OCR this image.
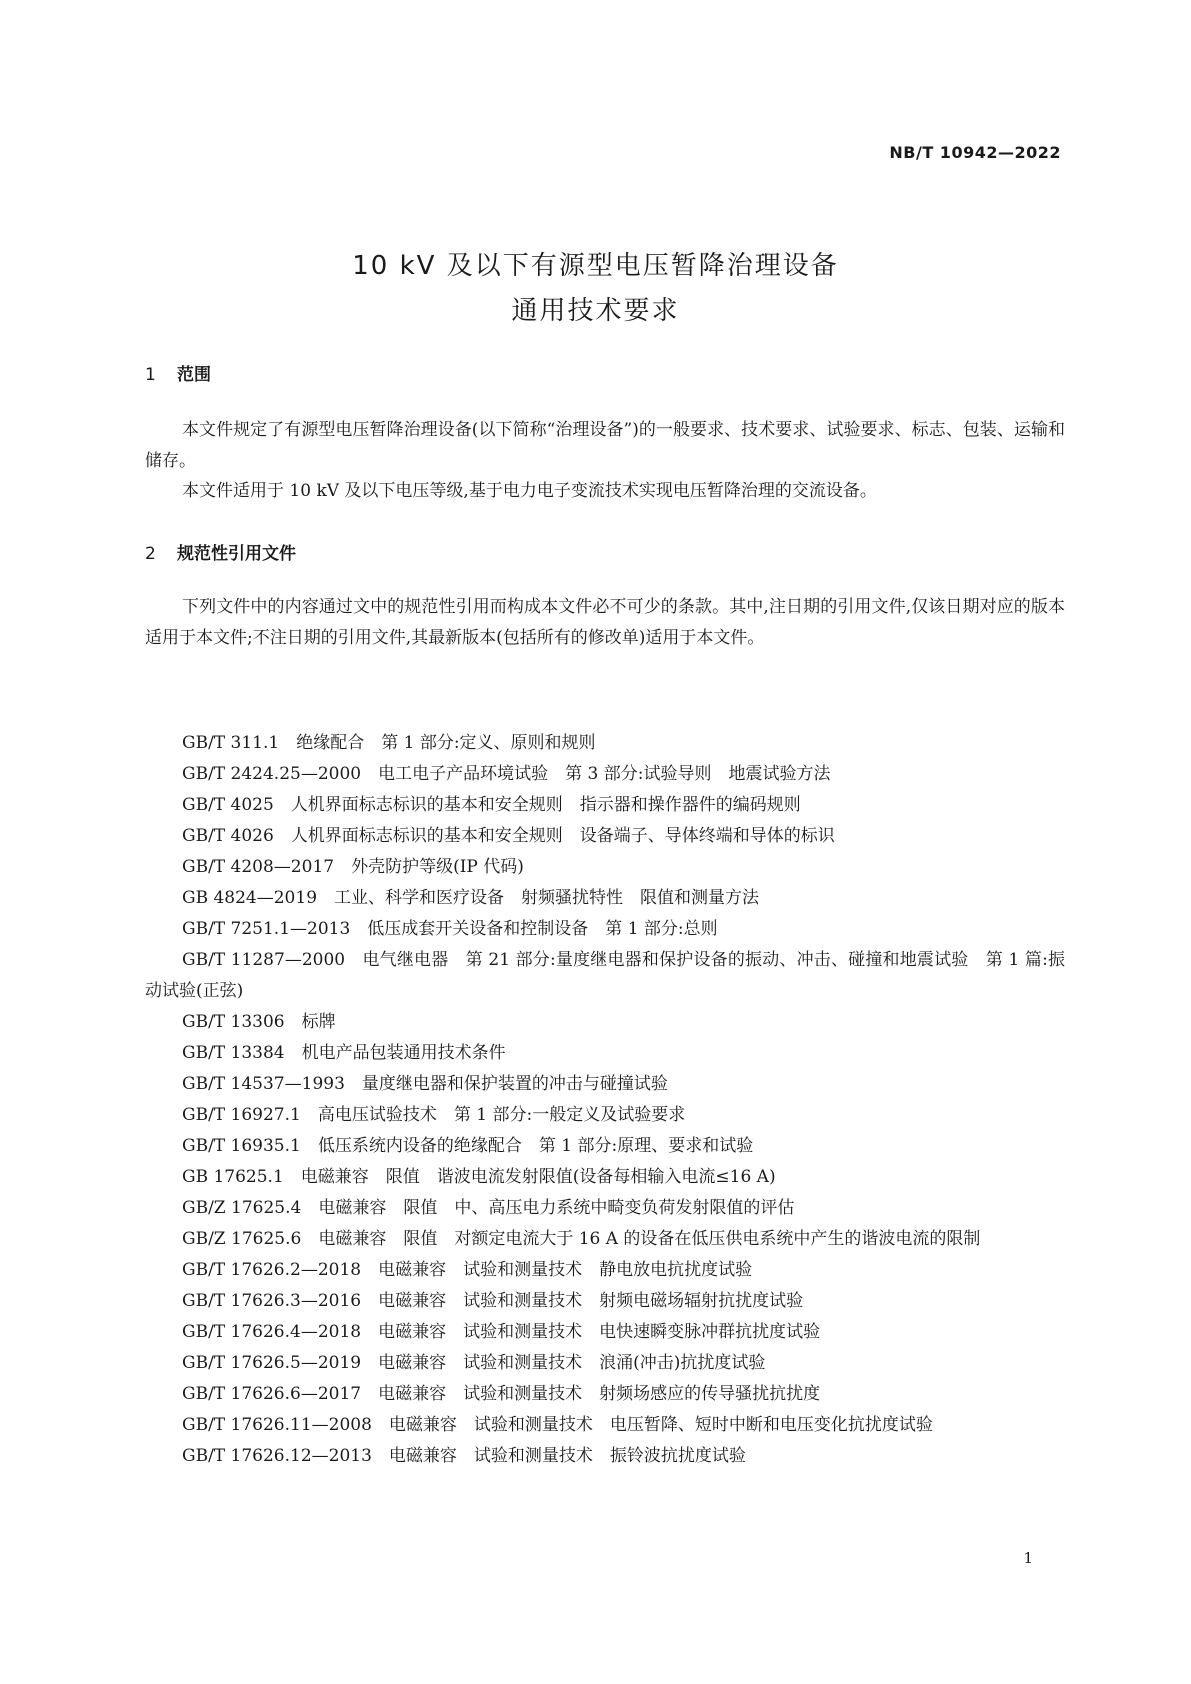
NB/T 10942—2022
10 kV 及以下有源型电压暂降治理设备
通用技术要求
1 范围

本文件规定了有源型电压暂降治理设备(以下简称“治理设备”)的一般要求、技术要求、试验要求、标志、包装、运输和储存。

本文件适用于 10 kV 及以下电压等级,基于电力电子变流技术实现电压暂降治理的交流设备。

2 规范性引用文件

下列文件中的内容通过文中的规范性引用而构成本文件必不可少的条款。其中,注日期的引用文件,仅该日期对应的版本适用于本文件;不注日期的引用文件,其最新版本(包括所有的修改单)适用于本文件。

GB/T 311.1　绝缘配合　第 1 部分:定义、原则和规则
GB/T 2424.25—2000　电工电子产品环境试验　第 3 部分:试验导则　地震试验方法
GB/T 4025　人机界面标志标识的基本和安全规则　指示器和操作器件的编码规则
GB/T 4026　人机界面标志标识的基本和安全规则　设备端子、导体终端和导体的标识
GB/T 4208—2017　外壳防护等级(IP 代码)
GB 4824—2019　工业、科学和医疗设备　射频骚扰特性　限值和测量方法
GB/T 7251.1—2013　低压成套开关设备和控制设备　第 1 部分:总则
GB/T 11287—2000　电气继电器　第 21 部分:量度继电器和保护设备的振动、冲击、碰撞和地震试验　第 1 篇:振动试验(正弦)
GB/T 13306　标牌
GB/T 13384　机电产品包装通用技术条件
GB/T 14537—1993　量度继电器和保护装置的冲击与碰撞试验
GB/T 16927.1　高电压试验技术　第 1 部分:一般定义及试验要求
GB/T 16935.1　低压系统内设备的绝缘配合　第 1 部分:原理、要求和试验
GB 17625.1　电磁兼容　限值　谐波电流发射限值(设备每相输入电流≤16 A)
GB/Z 17625.4　电磁兼容　限值　中、高压电力系统中畸变负荷发射限值的评估
GB/Z 17625.6　电磁兼容　限值　对额定电流大于 16 A 的设备在低压供电系统中产生的谐波电流的限制
GB/T 17626.2—2018　电磁兼容　试验和测量技术　静电放电抗扰度试验
GB/T 17626.3—2016　电磁兼容　试验和测量技术　射频电磁场辐射抗扰度试验
GB/T 17626.4—2018　电磁兼容　试验和测量技术　电快速瞬变脉冲群抗扰度试验
GB/T 17626.5—2019　电磁兼容　试验和测量技术　浪涌(冲击)抗扰度试验
GB/T 17626.6—2017　电磁兼容　试验和测量技术　射频场感应的传导骚扰抗扰度
GB/T 17626.11—2008　电磁兼容　试验和测量技术　电压暂降、短时中断和电压变化抗扰度试验
GB/T 17626.12—2013　电磁兼容　试验和测量技术　振铃波抗扰度试验
1
